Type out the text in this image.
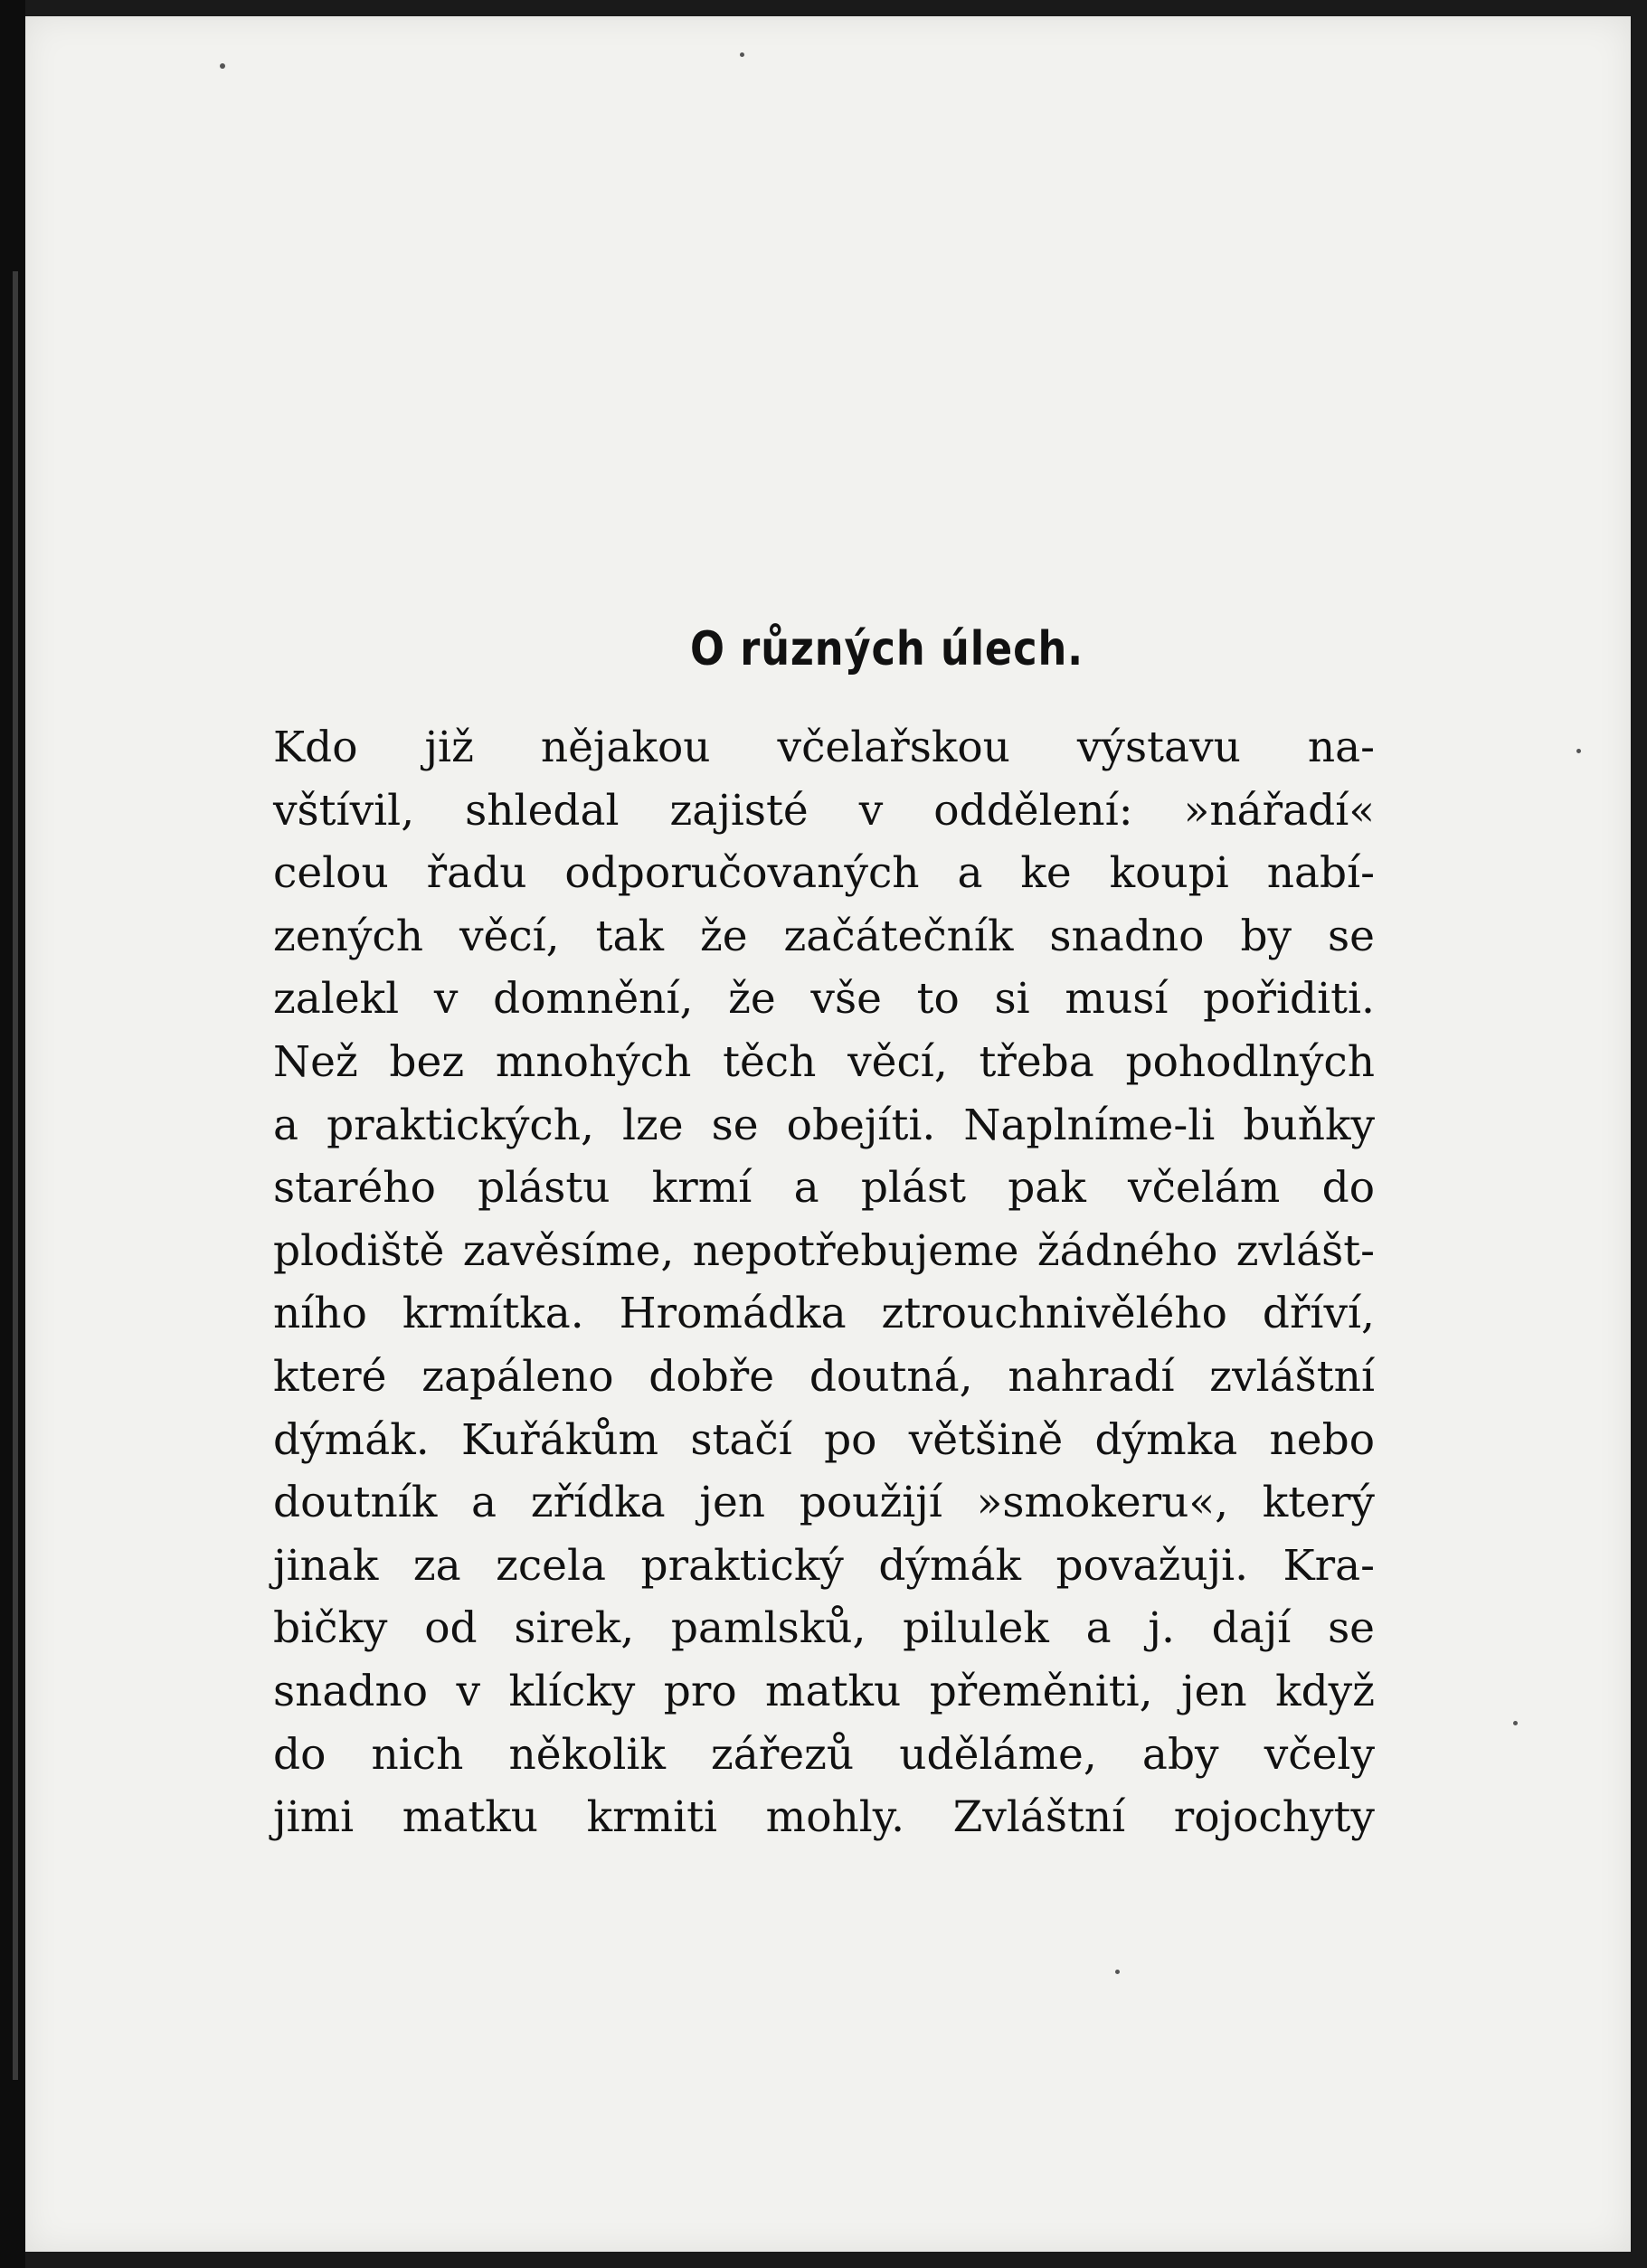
O různých úlech.
Kdo již nějakou včelařskou výstavu na-
vštívil, shledal zajisté v oddělení: »nářadí«
celou řadu odporučovaných a ke koupi nabí-
zených věcí, tak že začátečník snadno by se
zalekl v domnění, že vše to si musí pořiditi.
Než bez mnohých těch věcí, třeba pohodlných
a praktických, lze se obejíti. Naplníme-li buňky
starého plástu krmí a plást pak včelám do
plodiště zavěsíme, nepotřebujeme žádného zvlášt-
ního krmítka. Hromádka ztrouchnivělého dříví,
které zapáleno dobře doutná, nahradí zvláštní
dýmák. Kuřákům stačí po většině dýmka nebo
doutník a zřídka jen použijí »smokeru«, který
jinak za zcela praktický dýmák považuji. Kra-
bičky od sirek, pamlsků, pilulek a j. dají se
snadno v klícky pro matku přeměniti, jen když
do nich několik zářezů uděláme, aby včely
jimi matku krmiti mohly. Zvláštní rojochyty
